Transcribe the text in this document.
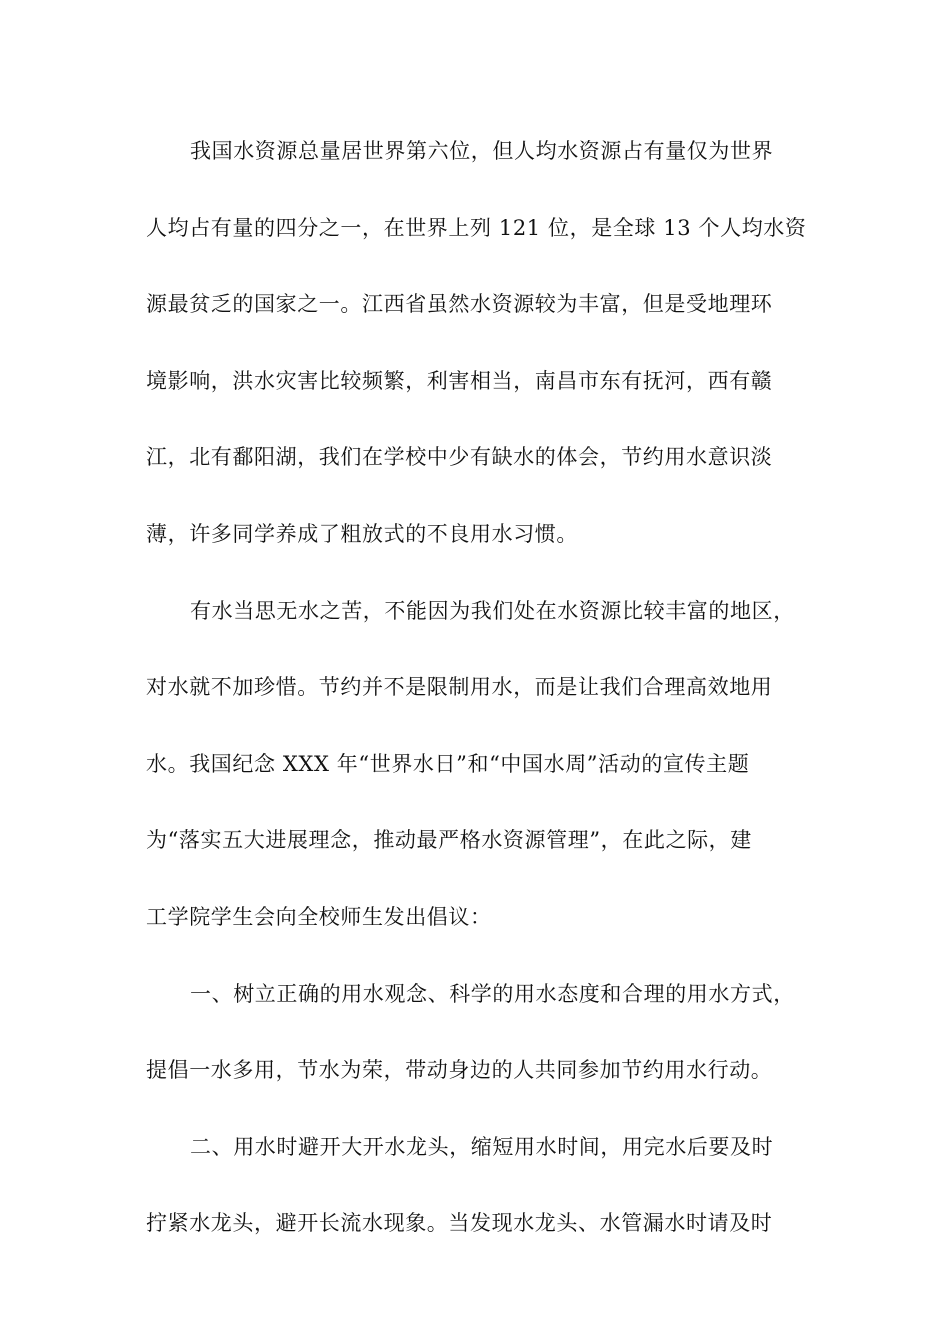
我国水资源总量居世界第六位，但人均水资源占有量仅为世界
人均占有量的四分之一，在世界上列 121 位，是全球 13 个人均水资
源最贫乏的国家之一。江西省虽然水资源较为丰富，但是受地理环
境影响，洪水灾害比较频繁，利害相当，南昌市东有抚河，西有赣
江，北有鄱阳湖，我们在学校中少有缺水的体会，节约用水意识淡
薄，许多同学养成了粗放式的不良用水习惯。
有水当思无水之苦，不能因为我们处在水资源比较丰富的地区，
对水就不加珍惜。节约并不是限制用水，而是让我们合理高效地用
水。我国纪念 XXX 年“世界水日”和“中国水周”活动的宣传主题
为“落实五大进展理念，推动最严格水资源管理”，在此之际，建
工学院学生会向全校师生发出倡议：
一、树立正确的用水观念、科学的用水态度和合理的用水方式，
提倡一水多用，节水为荣，带动身边的人共同参加节约用水行动。
二、用水时避开大开水龙头，缩短用水时间，用完水后要及时
拧紧水龙头，避开长流水现象。当发现水龙头、水管漏水时请及时
